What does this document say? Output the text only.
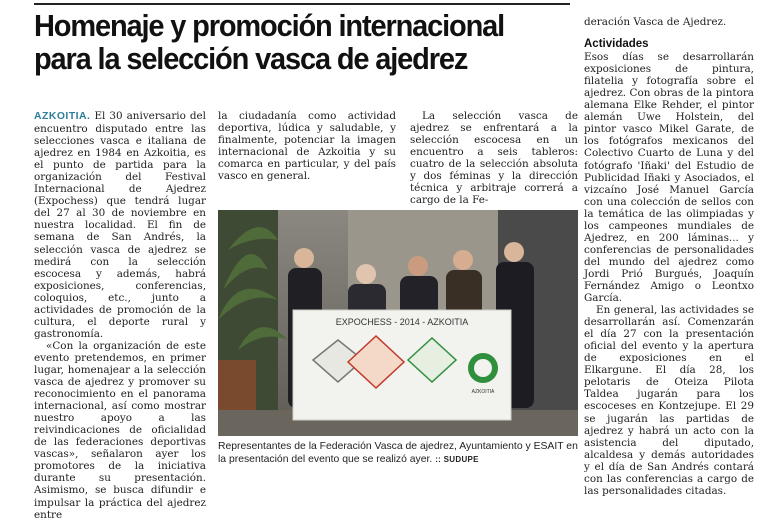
Homenaje y promoción internacional
para la selección vasca de ajedrez

AZKOITIA. El 30 aniversario del encuentro disputado entre las selecciones vasca e italiana de ajedrez en 1984 en Azkoitia, es el punto de partida para la organización del Festival Internacional de Ajedrez (Expochess) que tendrá lugar del 27 al 30 de noviembre en nuestra localidad. El fin de semana de San Andrés, la selección vasca de ajedrez se medirá con la selección escocesa y además, habrá exposiciones, conferencias, coloquios, etc., junto a actividades de promoción de la cultura, el deporte rural y gastronomía.

«Con la organización de este evento pretendemos, en primer lugar, homenajear a la selección vasca de ajedrez y promover su reconocimiento en el panorama internacional, así como mostrar nuestro apoyo a las reivindicaciones de oficialidad de las federaciones deportivas vascas», señalaron ayer los promotores de la iniciativa durante su presentación. Asimismo, se busca difundir e impulsar la práctica del ajedrez entre

la ciudadanía como actividad deportiva, lúdica y saludable, y finalmente, potenciar la imagen internacional de Azkoitia y su comarca en particular, y del país vasco en general.

La selección vasca de ajedrez se enfrentará a la selección escocesa en un encuentro a seis tableros: cuatro de la selección absoluta y dos féminas y la dirección técnica y arbitraje correrá a cargo de la Fe-

deración Vasca de Ajedrez.

Actividades

Esos días se desarrollarán exposiciones de pintura, filatelia y fotografía sobre el ajedrez. Con obras de la pintora alemana Elke Rehder, el pintor alemán Uwe Holstein, del pintor vasco Mikel Garate, de los fotógrafos mexicanos del Colectivo Cuarto de Luna y del fotógrafo 'Iñaki' del Estudio de Publicidad Iñaki y Asociados, el vizcaíno José Manuel García con una colección de sellos con la temática de las olimpiadas y los campeones mundiales de Ajedrez, en 200 láminas... y conferencias de personalidades del mundo del ajedrez como Jordi Prió Burgués, Joaquín Fernández Amigo o Leontxo García.

En general, las actividades se desarrollarán así. Comenzarán el día 27 con la presentación oficial del evento y la apertura de exposiciones en el Elkargune. El día 28, los pelotaris de Oteiza Pilota Taldea jugarán para los escoceses en Kontzejupe. El 29 se jugarán las partidas de ajedrez y habrá un acto con la asistencia del diputado, alcaldesa y demás autoridades y el día de San Andrés contará con las conferencias a cargo de las personalidades citadas.

EXPOCHESS - 2014 - AZKOITIA
AZKOITIA

Representantes de la Federación Vasca de ajedrez, Ayuntamiento y ESAIT en la presentación del evento que se realizó ayer. :: SUDUPE
